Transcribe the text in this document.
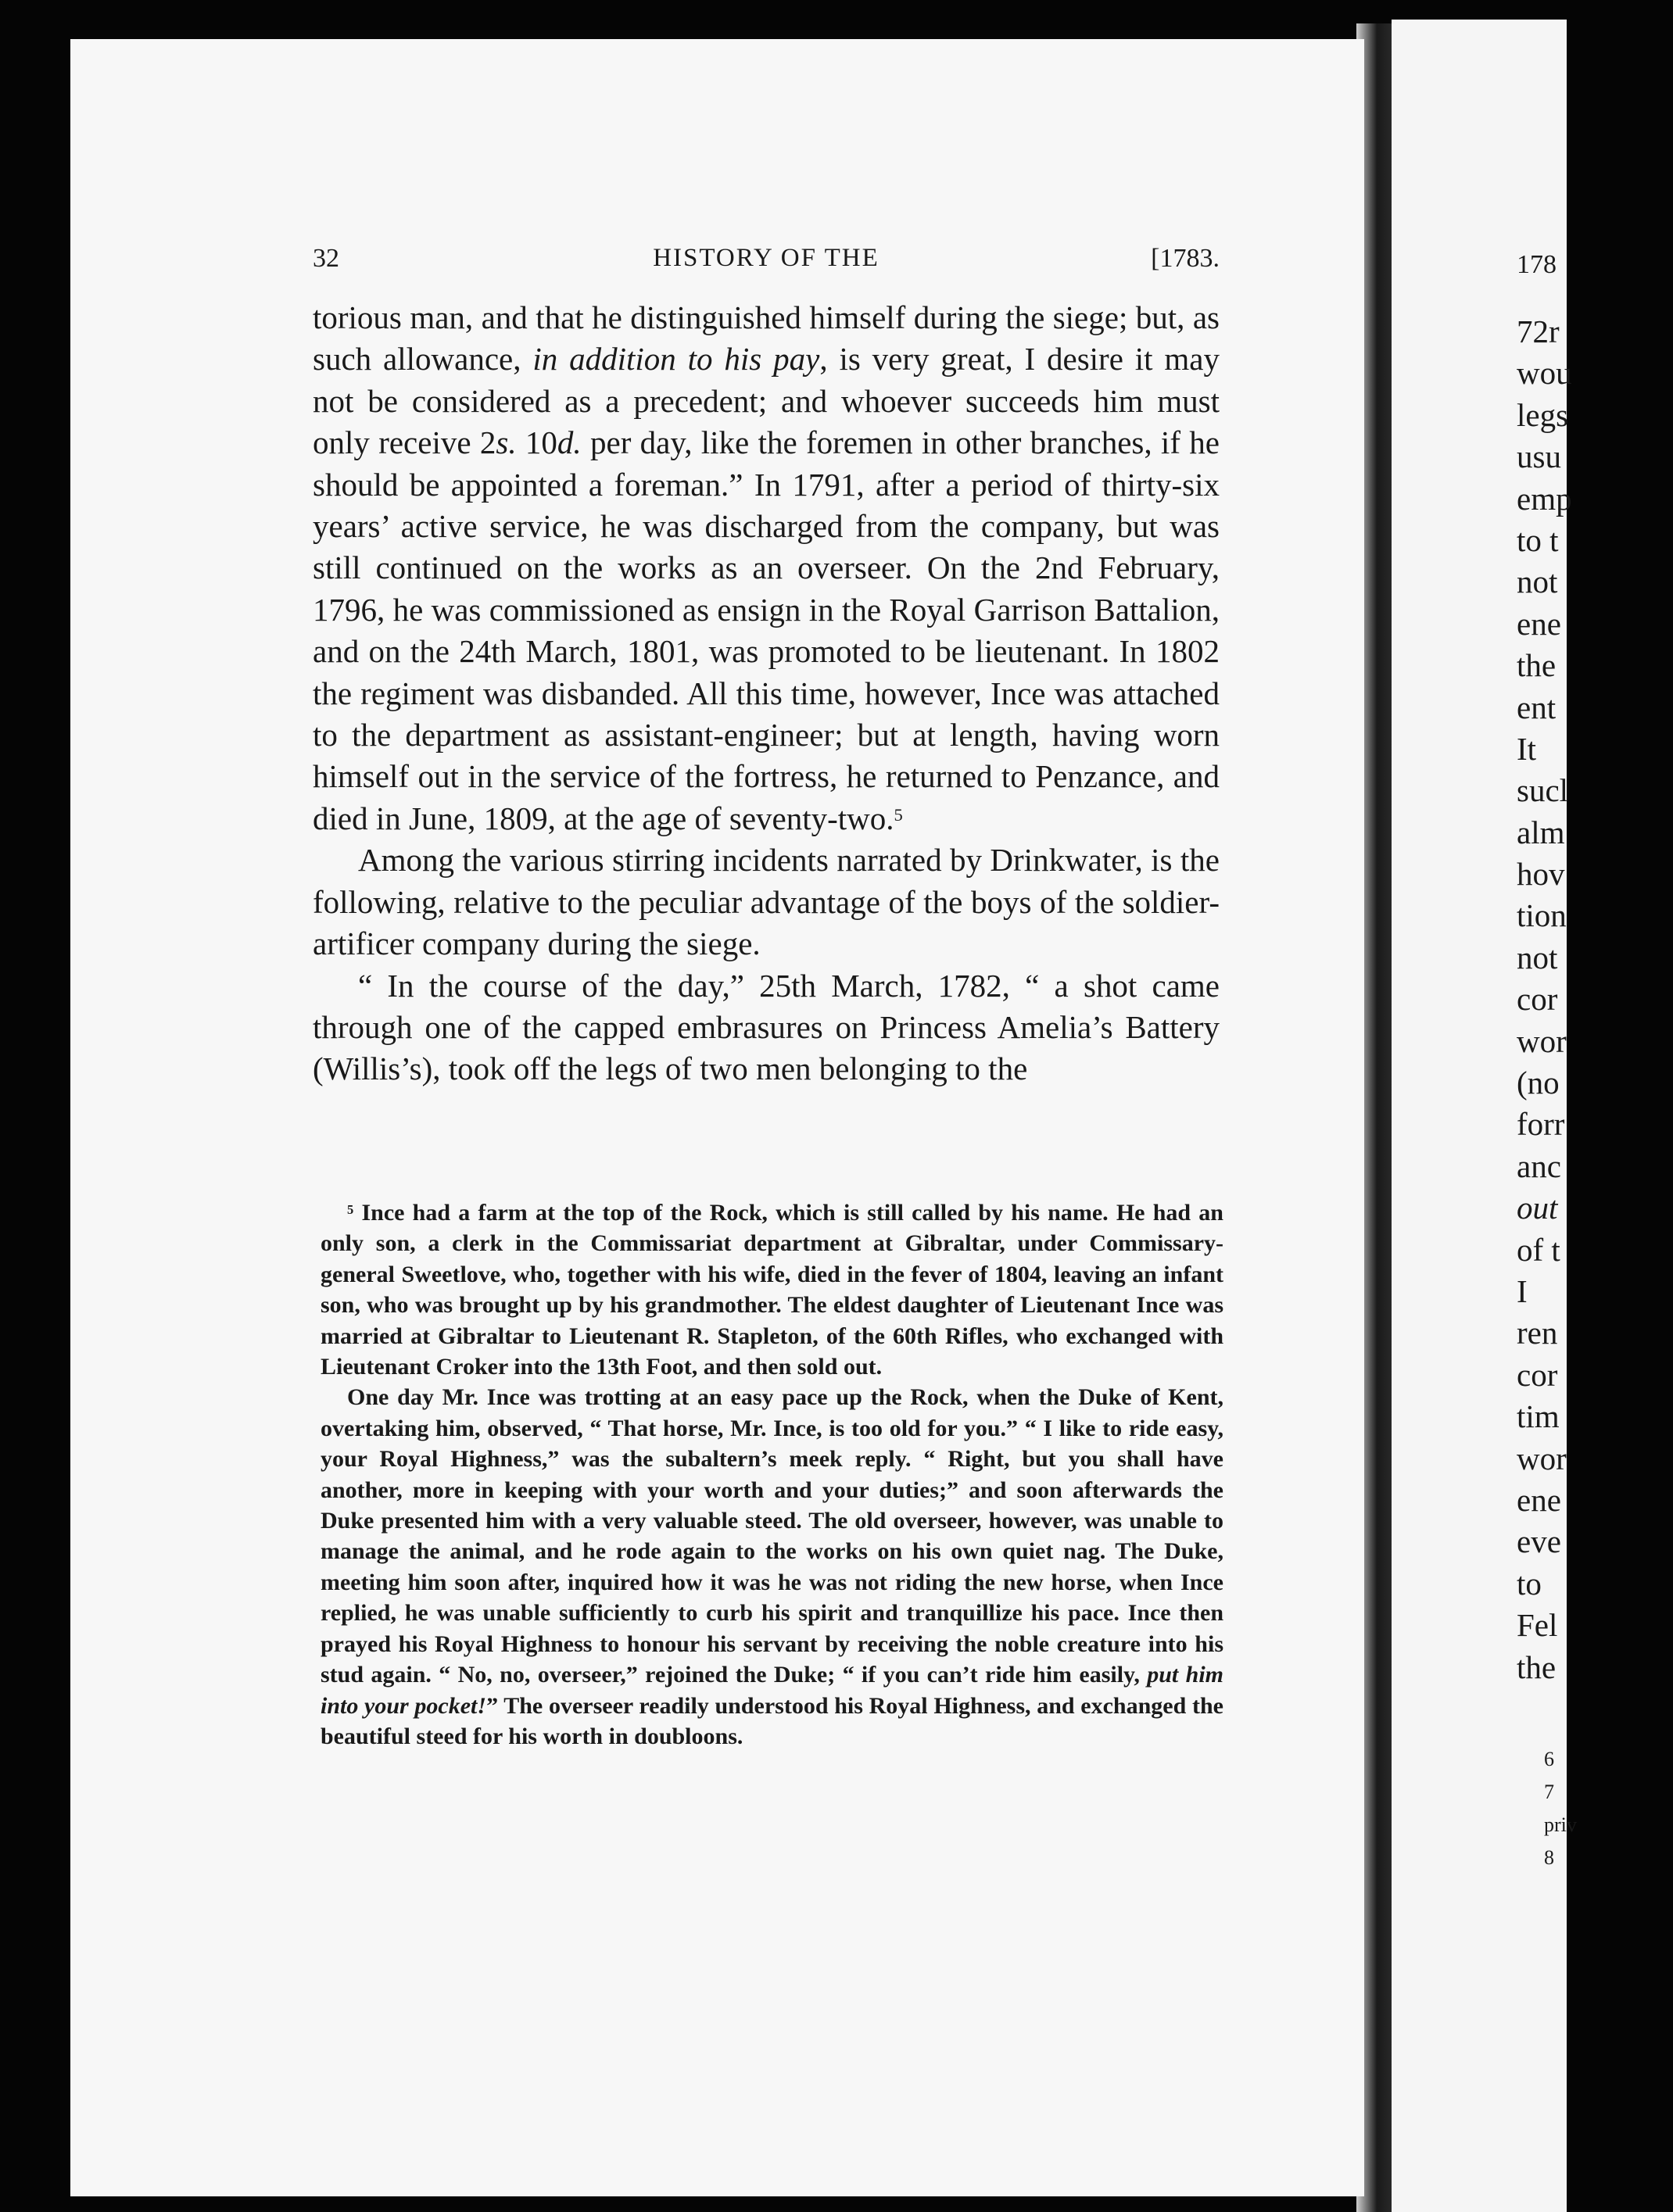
32	HISTORY OF THE	[1783.

torious man, and that he distinguished himself during the siege; but, as such allowance, in addition to his pay, is very great, I desire it may not be considered as a precedent; and whoever succeeds him must only receive 2s. 10d. per day, like the foremen in other branches, if he should be appointed a foreman.” In 1791, after a period of thirty-six years’ active service, he was discharged from the company, but was still continued on the works as an overseer. On the 2nd February, 1796, he was commissioned as ensign in the Royal Garrison Battalion, and on the 24th March, 1801, was promoted to be lieutenant. In 1802 the regiment was disbanded. All this time, however, Ince was attached to the department as assistant-engineer; but at length, having worn himself out in the service of the fortress, he returned to Penzance, and died in June, 1809, at the age of seventy-two.$^5$

Among the various stirring incidents narrated by Drinkwater, is the following, relative to the peculiar advantage of the boys of the soldier-artificer company during the siege.

“ In the course of the day,” 25th March, 1782, “ a shot came through one of the capped embrasures on Princess Amelia’s Battery (Willis’s), took off the legs of two men belonging to the

$^5$ Ince had a farm at the top of the Rock, which is still called by his name. He had an only son, a clerk in the Commissariat department at Gibraltar, under Commissary-general Sweetlove, who, together with his wife, died in the fever of 1804, leaving an infant son, who was brought up by his grandmother. The eldest daughter of Lieutenant Ince was married at Gibraltar to Lieutenant R. Stapleton, of the 60th Rifles, who exchanged with Lieutenant Croker into the 13th Foot, and then sold out.

One day Mr. Ince was trotting at an easy pace up the Rock, when the Duke of Kent, overtaking him, observed, “ That horse, Mr. Ince, is too old for you.” “ I like to ride easy, your Royal Highness,” was the subaltern’s meek reply. “ Right, but you shall have another, more in keeping with your worth and your duties;” and soon afterwards the Duke presented him with a very valuable steed. The old overseer, however, was unable to manage the animal, and he rode again to the works on his own quiet nag. The Duke, meeting him soon after, inquired how it was he was not riding the new horse, when Ince replied, he was unable sufficiently to curb his spirit and tranquillize his pace. Ince then prayed his Royal Highness to honour his servant by receiving the noble creature into his stud again. “ No, no, overseer,” rejoined the Duke; “ if you can’t ride him easily, put him into your pocket!” The overseer readily understood his Royal Highness, and exchanged the beautiful steed for his worth in doubloons.

178
72r
wou
legs
usu
emp
to t
not
ene
the
ent
It
sucl
alm
hov
tion
not
cor
wor
(no
forr
anc
out
of t
I
ren
cor
tim
wor
ene
eve
to
Fel
the
6
7
priv
8
